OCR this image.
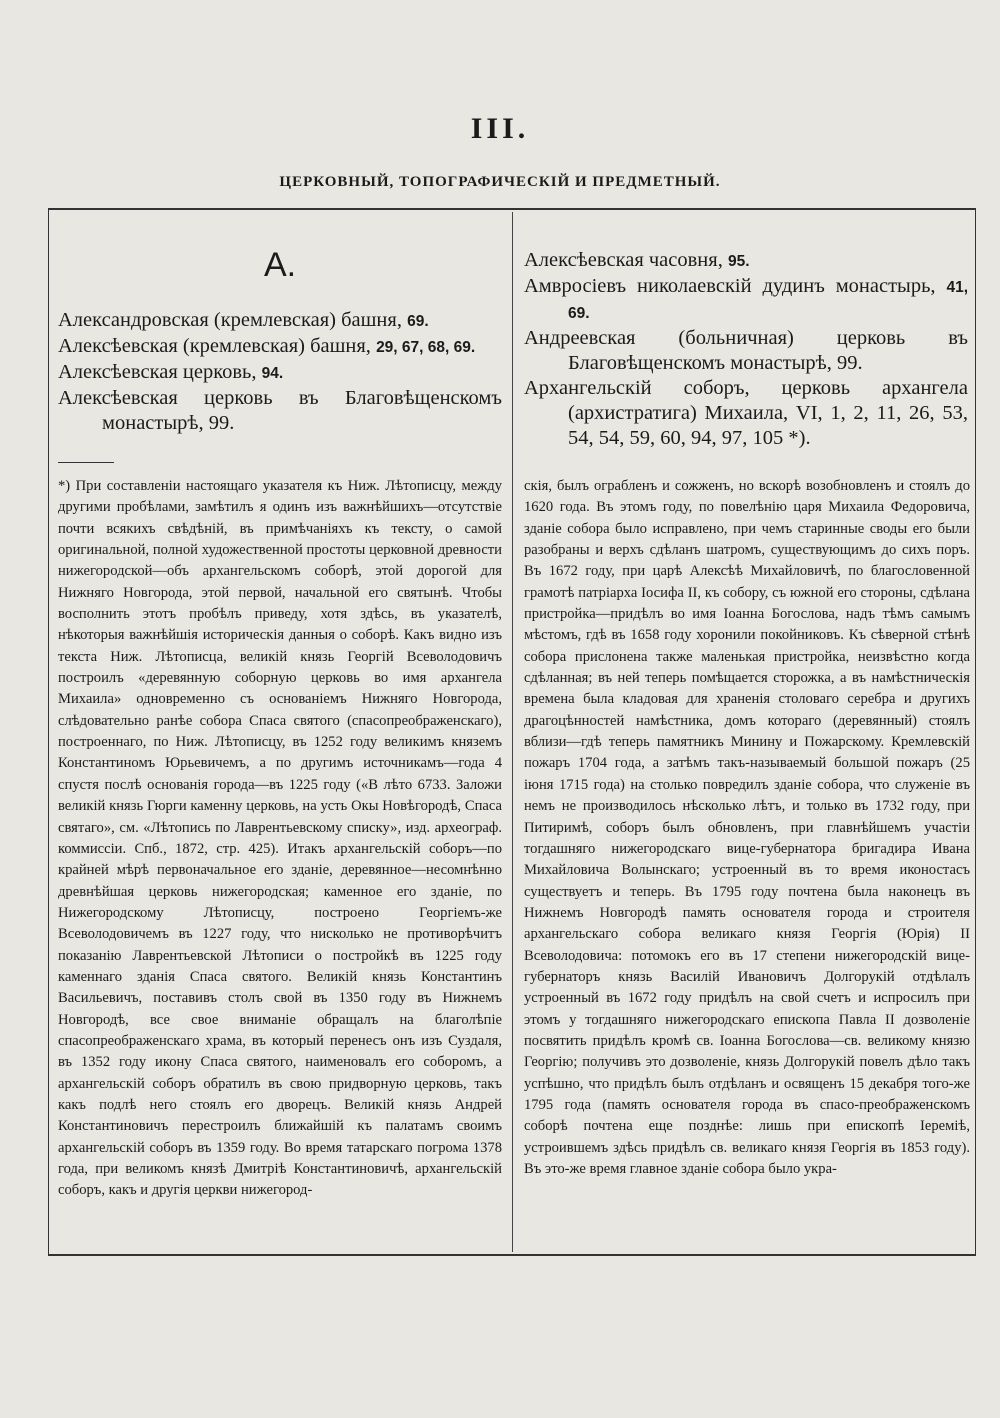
III.
ЦЕРКОВНЫЙ, ТОПОГРАФИЧЕСКІЙ И ПРЕДМЕТНЫЙ.
А.
Александровская (кремлевская) башня, 69.
Алексѣевская (кремлевская) башня, 29, 67, 68, 69.
Алексѣевская церковь, 94.
Алексѣевская церковь въ Благовѣщенскомъ монастырѣ, 99.
Алексѣевская часовня, 95.
Амвросіевъ николаевскій дудинъ монастырь, 41, 69.
Андреевская (больничная) церковь въ Благовѣщенскомъ монастырѣ, 99.
Архангельскій соборъ, церковь архангела (архистратига) Михаила, VI, 1, 2, 11, 26, 53, 54, 54, 59, 60, 94, 97, 105 *).

*) При составленіи настоящаго указателя къ Ниж. Лѣтописцу, между другими пробѣлами, замѣтилъ я одинъ изъ важнѣйшихъ—отсутствіе почти всякихъ свѣдѣній, въ примѣчаніяхъ къ тексту, о самой оригинальной, полной художественной простоты церковной древности нижегородской—объ архангельскомъ соборѣ, этой дорогой для Нижняго Новгорода, этой первой, начальной его святынѣ. Чтобы восполнить этотъ пробѣлъ приведу, хотя здѣсь, въ указателѣ, нѣкоторыя важнѣйшія историческія данныя о соборѣ. Какъ видно изъ текста Ниж. Лѣтописца, великій князь Георгій Всеволодовичъ построилъ «деревянную соборную церковь во имя архангела Михаила» одновременно съ основаніемъ Нижняго Новгорода, слѣдовательно ранѣе собора Спаса святого (спасопреображенскаго), построеннаго, по Ниж. Лѣтописцу, въ 1252 году великимъ княземъ Константиномъ Юрьевичемъ, а по другимъ источникамъ—года 4 спустя послѣ основанія города—въ 1225 году («В лѣто 6733. Заложи великій князь Гюрги каменну церковь, на усть Окы Новѣгородѣ, Спаса святаго», см. «Лѣтопись по Лаврентьевскому списку», изд. археограф. коммиссіи. Спб., 1872, стр. 425). Итакъ архангельскій соборъ—по крайней мѣрѣ первоначальное его зданіе, деревянное—несомнѣнно древнѣйшая церковь нижегородская; каменное его зданіе, по Нижегородскому Лѣтописцу, построено Георгіемъ-же Всеволодовичемъ въ 1227 году, что нисколько не противорѣчитъ показанію Лаврентьевской Лѣтописи о постройкѣ въ 1225 году каменнаго зданія Спаса святого. Великій князь Константинъ Васильевичъ, поставивъ столъ свой въ 1350 году въ Нижнемъ Новгородѣ, все свое вниманіе обращалъ на благолѣпіе спасопреображенскаго храма, въ который перенесъ онъ изъ Суздаля, въ 1352 году икону Спаса святого, наименовалъ его соборомъ, а архангельскій соборъ обратилъ въ свою придворную церковь, такъ какъ подлѣ него стоялъ его дворецъ. Великій князь Андрей Константиновичъ перестроилъ ближайшій къ палатамъ своимъ архангельскій соборъ въ 1359 году. Во время татарскаго погрома 1378 года, при великомъ князѣ Дмитріѣ Константиновичѣ, архангельскій соборъ, какъ и другія церкви нижегород-

скія, былъ ограбленъ и сожженъ, но вскорѣ возобновленъ и стоялъ до 1620 года. Въ этомъ году, по повелѣнію царя Михаила Федоровича, зданіе собора было исправлено, при чемъ старинные своды его были разобраны и верхъ сдѣланъ шатромъ, существующимъ до сихъ поръ. Въ 1672 году, при царѣ Алексѣѣ Михайловичѣ, по благословенной грамотѣ патріарха Іосифа II, къ собору, съ южной его стороны, сдѣлана пристройка—придѣлъ во имя Іоанна Богослова, надъ тѣмъ самымъ мѣстомъ, гдѣ въ 1658 году хоронили покойниковъ. Къ сѣверной стѣнѣ собора прислонена также маленькая пристройка, неизвѣстно когда сдѣланная; въ ней теперь помѣщается сторожка, а въ намѣстническія времена была кладовая для храненія столоваго серебра и другихъ драгоцѣнностей намѣстника, домъ котораго (деревянный) стоялъ вблизи—гдѣ теперь памятникъ Минину и Пожарскому. Кремлевскій пожаръ 1704 года, а затѣмъ такъ-называемый большой пожаръ (25 іюня 1715 года) на столько повредилъ зданіе собора, что служеніе въ немъ не производилось нѣсколько лѣтъ, и только въ 1732 году, при Питиримѣ, соборъ былъ обновленъ, при главнѣйшемъ участіи тогдашняго нижегородскаго вице-губернатора бригадира Ивана Михайловича Волынскаго; устроенный въ то время иконостасъ существуетъ и теперь. Въ 1795 году почтена была наконецъ въ Нижнемъ Новгородѣ память основателя города и строителя архангельскаго собора великаго князя Георгія (Юрія) II Всеволодовича: потомокъ его въ 17 степени нижегородскій вице-губернаторъ князь Василій Ивановичъ Долгорукій отдѣлалъ устроенный въ 1672 году придѣлъ на свой счетъ и испросилъ при этомъ у тогдашняго нижегородскаго епископа Павла II дозволеніе посвятить придѣлъ кромѣ св. Іоанна Богослова—св. великому князю Георгію; получивъ это дозволеніе, князь Долгорукій повелъ дѣло такъ успѣшно, что придѣлъ былъ отдѣланъ и освященъ 15 декабря того-же 1795 года (память основателя города въ спасо-преображенскомъ соборѣ почтена еще позднѣе: лишь при епископѣ Іереміѣ, устроившемъ здѣсь придѣлъ св. великаго князя Георгія въ 1853 году). Въ это-же время главное зданіе собора было укра-
